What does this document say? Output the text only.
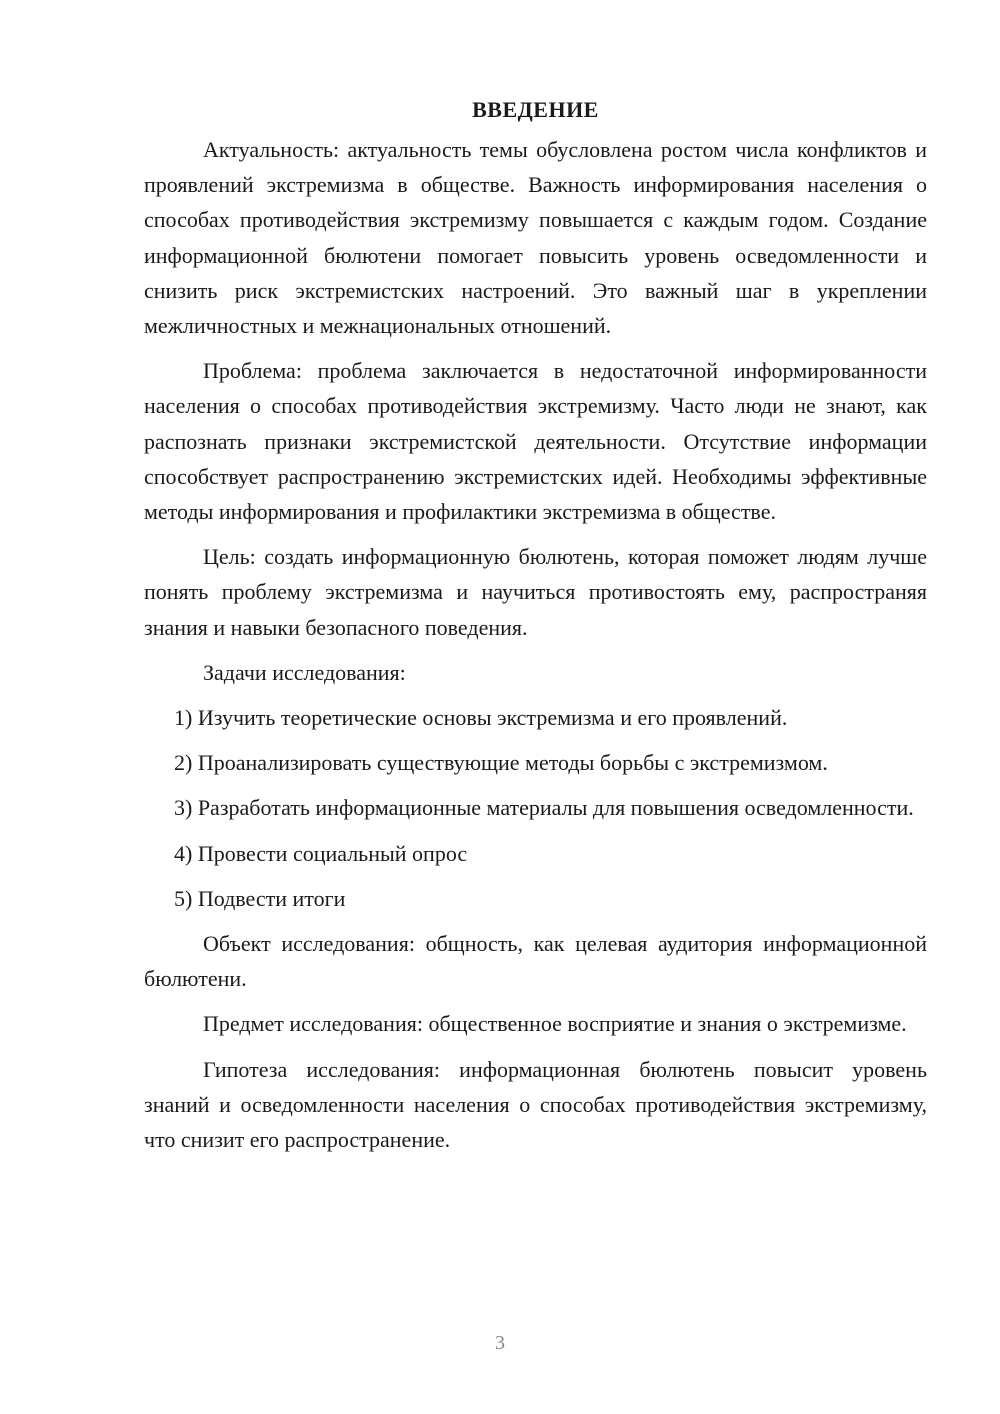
ВВЕДЕНИЕ

Актуальность: актуальность темы обусловлена ростом числа конфликтов и проявлений экстремизма в обществе. Важность информирования населения о способах противодействия экстремизму повышается с каждым годом. Создание информационной бюлютени помогает повысить уровень осведомленности и снизить риск экстремистских настроений. Это важный шаг в укреплении межличностных и межнациональных отношений.

Проблема: проблема заключается в недостаточной информированности населения о способах противодействия экстремизму. Часто люди не знают, как распознать признаки экстремистской деятельности. Отсутствие информации способствует распространению экстремистских идей. Необходимы эффективные методы информирования и профилактики экстремизма в обществе.

Цель: создать информационную бюлютень, которая поможет людям лучше понять проблему экстремизма и научиться противостоять ему, распространяя знания и навыки безопасного поведения.

Задачи исследования:

1) Изучить теоретические основы экстремизма и его проявлений.

2) Проанализировать существующие методы борьбы с экстремизмом.

3) Разработать информационные материалы для повышения осведомленности.

4) Провести социальный опрос

5) Подвести итоги

Объект исследования: общность, как целевая аудитория информационной бюлютени.

Предмет исследования: общественное восприятие и знания о экстремизме.

Гипотеза исследования: информационная бюлютень повысит уровень знаний и осведомленности населения о способах противодействия экстремизму, что снизит его распространение.

3
